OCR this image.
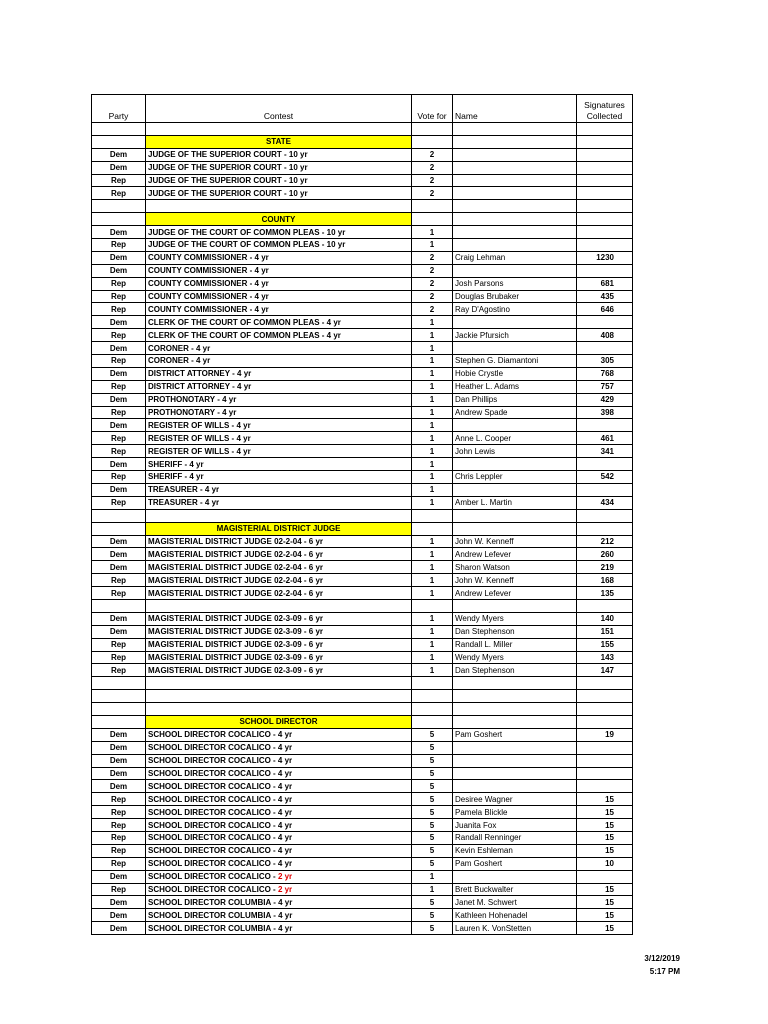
Party	Contest	Vote for	Name	Signatures
Collected

	STATE			
Dem	JUDGE OF THE SUPERIOR COURT - 10 yr	2		
Dem	JUDGE OF THE SUPERIOR COURT - 10 yr	2		
Rep	JUDGE OF THE SUPERIOR COURT - 10 yr	2		
Rep	JUDGE OF THE SUPERIOR COURT - 10 yr	2		

	COUNTY			
Dem	JUDGE OF THE COURT OF COMMON PLEAS - 10 yr	1		
Rep	JUDGE OF THE COURT OF COMMON PLEAS - 10 yr	1		
Dem	COUNTY COMMISSIONER - 4 yr	2	Craig Lehman	1230
Dem	COUNTY COMMISSIONER - 4 yr	2		
Rep	COUNTY COMMISSIONER - 4 yr	2	Josh Parsons	681
Rep	COUNTY COMMISSIONER - 4 yr	2	Douglas Brubaker	435
Rep	COUNTY COMMISSIONER - 4 yr	2	Ray D'Agostino	646
Dem	CLERK OF THE COURT OF COMMON PLEAS - 4 yr	1		
Rep	CLERK OF THE COURT OF COMMON PLEAS - 4 yr	1	Jackie Pfursich	408
Dem	CORONER - 4 yr	1		
Rep	CORONER - 4 yr	1	Stephen G. Diamantoni	305
Dem	DISTRICT ATTORNEY - 4 yr	1	Hobie Crystle	768
Rep	DISTRICT ATTORNEY - 4 yr	1	Heather L. Adams	757
Dem	PROTHONOTARY - 4 yr	1	Dan Phillips	429
Rep	PROTHONOTARY - 4 yr	1	Andrew Spade	398
Dem	REGISTER OF WILLS - 4 yr	1		
Rep	REGISTER OF WILLS - 4 yr	1	Anne L. Cooper	461
Rep	REGISTER OF WILLS - 4 yr	1	John Lewis	341
Dem	SHERIFF - 4 yr	1		
Rep	SHERIFF - 4 yr	1	Chris Leppler	542
Dem	TREASURER - 4 yr	1		
Rep	TREASURER - 4 yr	1	Amber L. Martin	434

	MAGISTERIAL DISTRICT JUDGE			
Dem	MAGISTERIAL DISTRICT JUDGE 02-2-04 - 6 yr	1	John W. Kenneff	212
Dem	MAGISTERIAL DISTRICT JUDGE 02-2-04 - 6 yr	1	Andrew Lefever	260
Dem	MAGISTERIAL DISTRICT JUDGE 02-2-04 - 6 yr	1	Sharon Watson	219
Rep	MAGISTERIAL DISTRICT JUDGE 02-2-04 - 6 yr	1	John W. Kenneff	168
Rep	MAGISTERIAL DISTRICT JUDGE 02-2-04 - 6 yr	1	Andrew Lefever	135

Dem	MAGISTERIAL DISTRICT JUDGE 02-3-09 - 6 yr	1	Wendy Myers	140
Dem	MAGISTERIAL DISTRICT JUDGE 02-3-09 - 6 yr	1	Dan Stephenson	151
Rep	MAGISTERIAL DISTRICT JUDGE 02-3-09 - 6 yr	1	Randall L. Miller	155
Rep	MAGISTERIAL DISTRICT JUDGE 02-3-09 - 6 yr	1	Wendy Myers	143
Rep	MAGISTERIAL DISTRICT JUDGE 02-3-09 - 6 yr	1	Dan Stephenson	147

	SCHOOL DIRECTOR			
Dem	SCHOOL DIRECTOR COCALICO - 4 yr	5	Pam Goshert	19
Dem	SCHOOL DIRECTOR COCALICO - 4 yr	5		
Dem	SCHOOL DIRECTOR COCALICO - 4 yr	5		
Dem	SCHOOL DIRECTOR COCALICO - 4 yr	5		
Dem	SCHOOL DIRECTOR COCALICO - 4 yr	5		
Rep	SCHOOL DIRECTOR COCALICO - 4 yr	5	Desiree Wagner	15
Rep	SCHOOL DIRECTOR COCALICO - 4 yr	5	Pamela Blickle	15
Rep	SCHOOL DIRECTOR COCALICO - 4 yr	5	Juanita Fox	15
Rep	SCHOOL DIRECTOR COCALICO - 4 yr	5	Randall Renninger	15
Rep	SCHOOL DIRECTOR COCALICO - 4 yr	5	Kevin Eshleman	15
Rep	SCHOOL DIRECTOR COCALICO - 4 yr	5	Pam Goshert	10
Dem	SCHOOL DIRECTOR COCALICO - 2 yr	1		
Rep	SCHOOL DIRECTOR COCALICO - 2 yr	1	Brett Buckwalter	15
Dem	SCHOOL DIRECTOR COLUMBIA - 4 yr	5	Janet M. Schwert	15
Dem	SCHOOL DIRECTOR COLUMBIA - 4 yr	5	Kathleen Hohenadel	15
Dem	SCHOOL DIRECTOR COLUMBIA - 4 yr	5	Lauren K. VonStetten	15
3/12/2019
5:17 PM
